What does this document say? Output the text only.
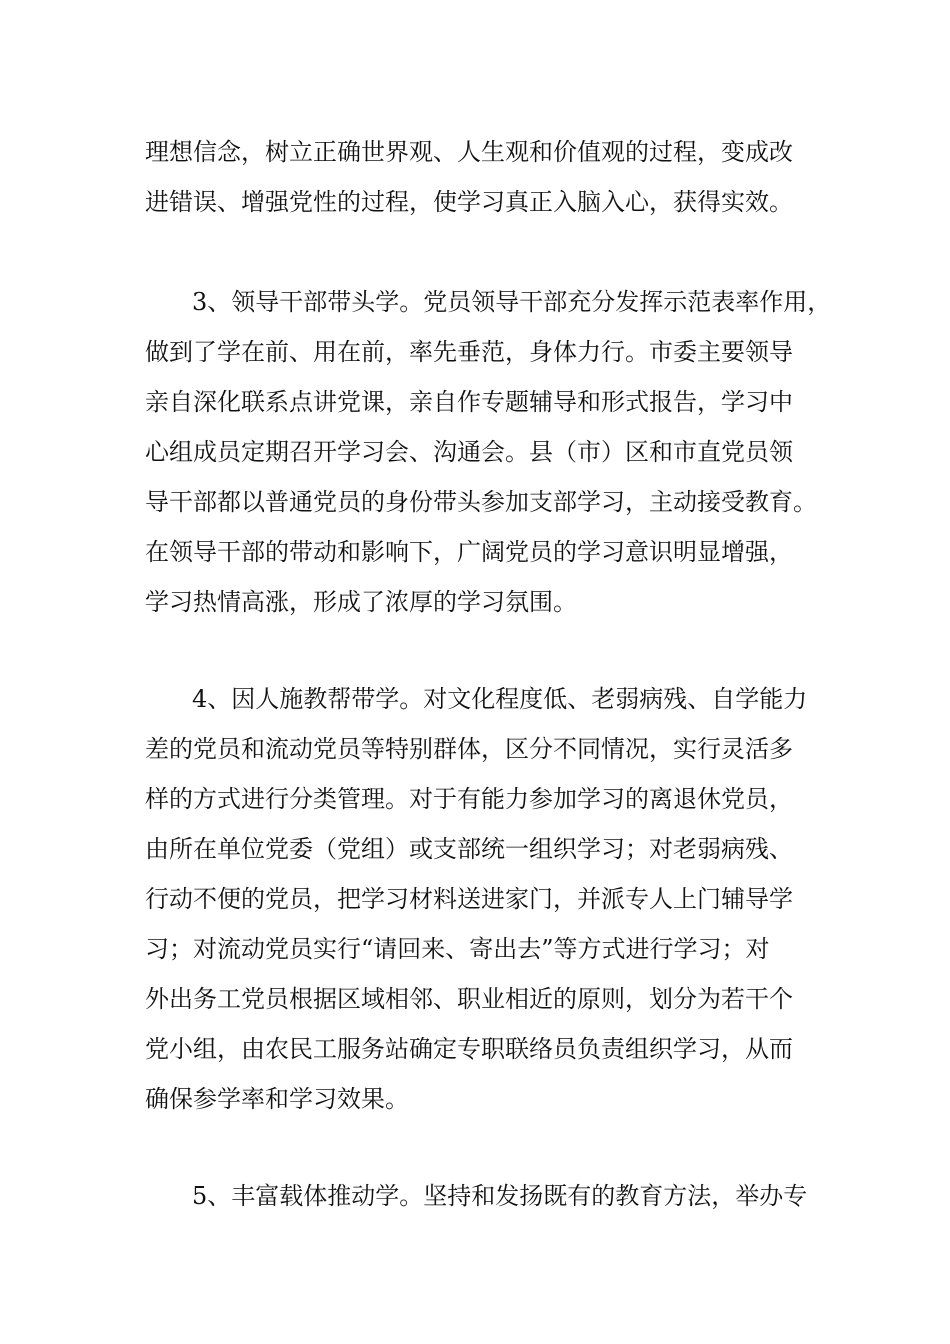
理想信念，树立正确世界观、人生观和价值观的过程，变成改
进错误、增强党性的过程，使学习真正入脑入心，获得实效。
3、领导干部带头学。党员领导干部充分发挥示范表率作用，
做到了学在前、用在前，率先垂范，身体力行。市委主要领导
亲自深化联系点讲党课，亲自作专题辅导和形式报告，学习中
心组成员定期召开学习会、沟通会。县（市）区和市直党员领
导干部都以普通党员的身份带头参加支部学习，主动接受教育。
在领导干部的带动和影响下，广阔党员的学习意识明显增强，
学习热情高涨，形成了浓厚的学习氛围。
4、因人施教帮带学。对文化程度低、老弱病残、自学能力
差的党员和流动党员等特别群体，区分不同情况，实行灵活多
样的方式进行分类管理。对于有能力参加学习的离退休党员，
由所在单位党委（党组）或支部统一组织学习；对老弱病残、
行动不便的党员，把学习材料送进家门，并派专人上门辅导学
习；对流动党员实行“请回来、寄出去”等方式进行学习；对
外出务工党员根据区域相邻、职业相近的原则，划分为若干个
党小组，由农民工服务站确定专职联络员负责组织学习，从而
确保参学率和学习效果。
5、丰富载体推动学。坚持和发扬既有的教育方法，举办专
